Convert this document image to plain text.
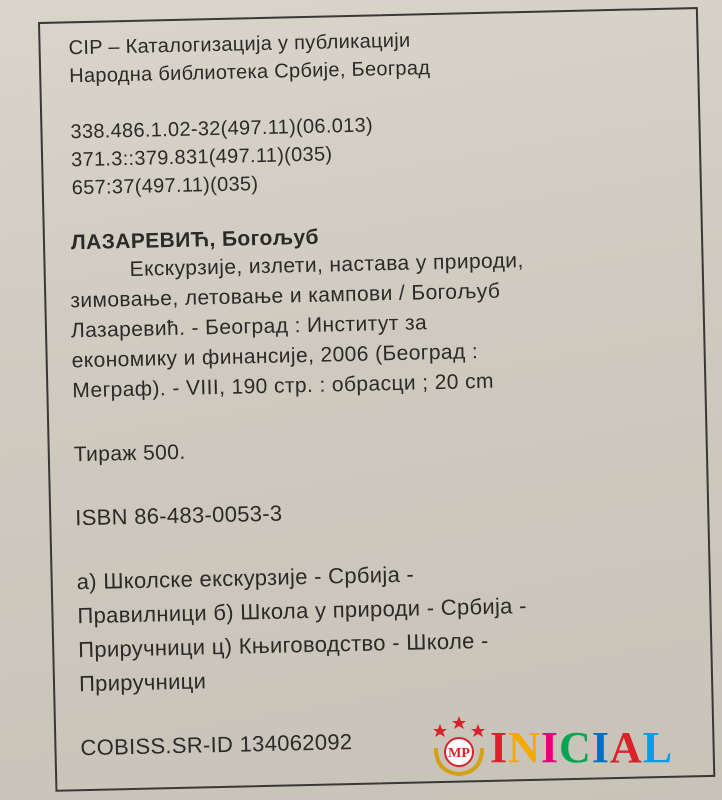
CIP – Каталогизација у публикацији
Народна библиотека Србије, Београд
338.486.1.02-32(497.11)(06.013)
371.3::379.831(497.11)(035)
657:37(497.11)(035)
ЛАЗАРЕВИЋ, Богољуб
Екскурзије, излети, настава у природи,
зимовање, летовање и кампови / Богољуб
Лазаревић. - Београд : Институт за
економику и финансије, 2006 (Београд :
Меграф). - VIII, 190 стр. : обрасци ; 20 cm
Тираж 500.
ISBN 86-483-0053-3
а) Школске екскурзије - Србија -
Правилници б) Школа у природи - Србија -
Приручници ц) Књиговодство - Школе -
Приручници
COBISS.SR-ID 134062092	MP INICIAL
